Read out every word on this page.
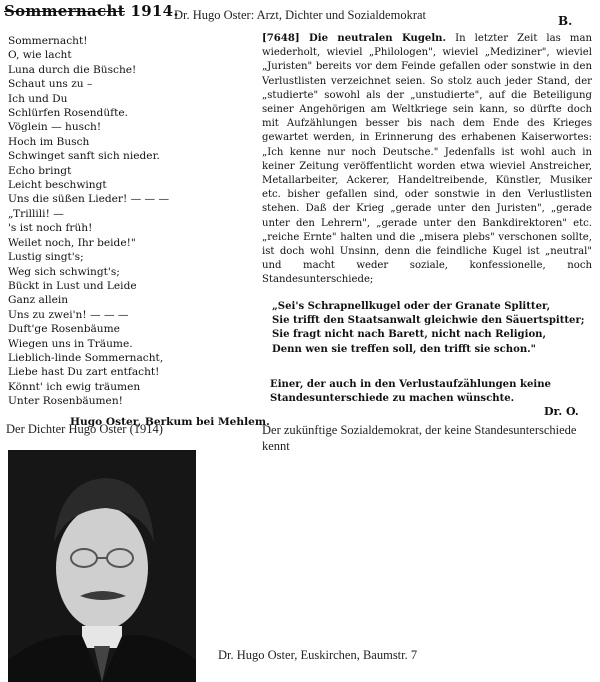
Dr. Hugo Oster: Arzt, Dichter und Sozialdemokrat	B.
Sommernacht 1914.
Sommernacht!
O, wie lacht
Luna durch die Büsche!
Schaut uns zu –
Ich und Du
Schlürfen Rosendüfte.
Vöglein — husch!
Hoch im Busch
Schwinget sanft sich nieder.
Echo bringt
Leicht beschwingt
Uns die süßen Lieder! — — —
„Trillili! —
's ist noch früh!
Weilet noch, Ihr beide!"
Lustig singt's;
Weg sich schwingt's;
Bückt in Lust und Leide
Ganz allein
Uns zu zwei'n! — — —
Duft'ge Rosenbäume
Wiegen uns in Träume.
Lieblich-linde Sommernacht,
Liebe hast Du zart entfacht!
Könnt' ich ewig träumen
Unter Rosenbäumen!
Hugo Oster, Berkum bei Mehlem.
[7648] Die neutralen Kugeln. In letzter Zeit las man wiederholt, wieviel „Philologen", wieviel „Mediziner", wieviel „Juristen" bereits vor dem Feinde gefallen oder sonstwie in den Verlustlisten verzeichnet seien. So stolz auch jeder Stand, der „studierte" sowohl als der „unstudierte", auf die Beteiligung seiner Angehörigen am Weltkriege sein kann, so dürfte doch mit Aufzählungen besser bis nach dem Ende des Krieges gewartet werden, in Erinnerung des erhabenen Kaiserwortes: „Ich kenne nur noch Deutsche." Jedenfalls ist wohl auch in keiner Zeitung veröffentlicht worden etwa wieviel Anstreicher, Metallarbeiter, Ackerer, Handeltreibende, Künstler, Musiker etc. bisher gefallen sind, oder sonstwie in den Verlustlisten stehen. Daß der Krieg „gerade unter den Juristen", „gerade unter den Lehrern", „gerade unter den Bankdirektoren" etc. „reiche Ernte" halten und die „misera plebs" verschonen sollte, ist doch wohl Unsinn, denn die feindliche Kugel ist „neutral" und macht weder soziale, konfessionelle, noch Standesunterschiede;
„Sei's Schrapnellkugel oder der Granate Splitter,
Sie trifft den Staatsanwalt gleichwie den Säuertspitter;
Sie fragt nicht nach Barett, nicht nach Religion,
Denn wen sie treffen soll, den trifft sie schon."
Einer, der auch in den Verlustaufzählungen keine Standesunterschiede zu machen wünschte.
Dr. O.
Der Dichter Hugo Oster (1914)	Der zukünftige Sozialdemokrat, der keine Standesunterschiede kennt
Dr. Hugo Oster, Euskirchen, Baumstr. 7
